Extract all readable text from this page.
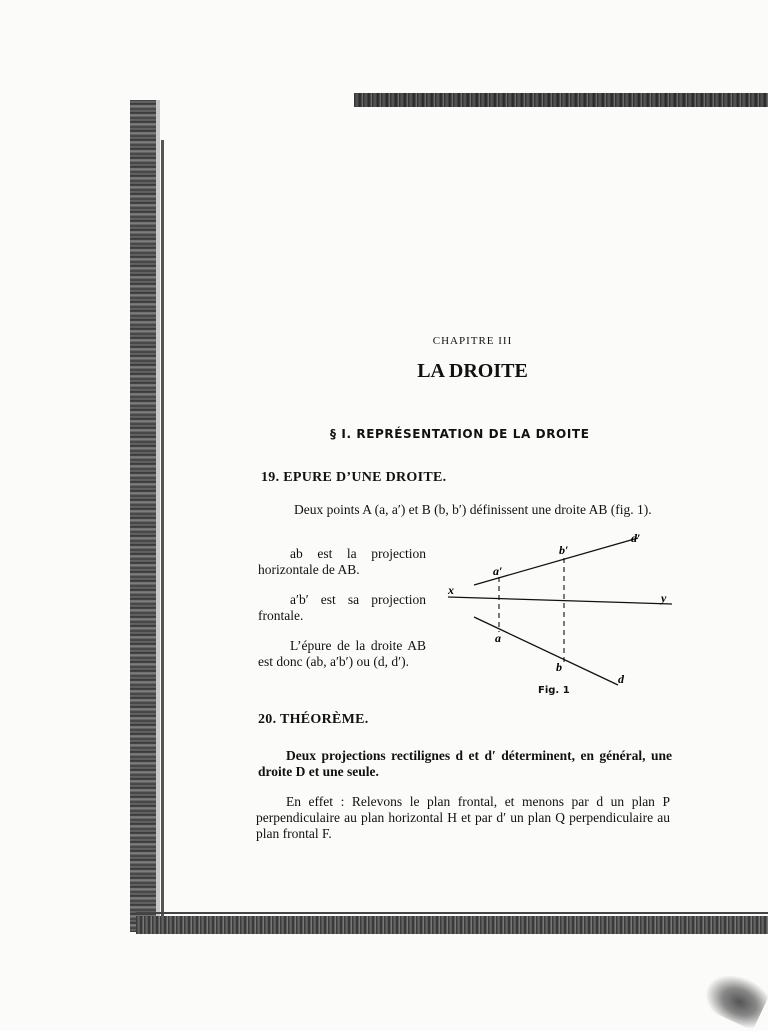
CHAPITRE III
LA DROITE
§ I. REPRÉSENTATION DE LA DROITE
19. EPURE D’UNE DROITE.
Deux points A (a, a′) et B (b, b′) définissent une droite AB (fig. 1).
ab est la projection horizontale de AB.
a′b′ est sa projection frontale.
L’épure de la droite AB est donc (ab, a′b′) ou (d, d′).
a′
b′
d′
x
y
a
b
d
Fig. 1
20. THÉORÈME.
Deux projections rectilignes d et d′ déterminent, en général, une droite D et une seule.
En effet : Relevons le plan frontal, et menons par d un plan P perpendiculaire au plan horizontal H et par d′ un plan Q perpendiculaire au plan frontal F.
